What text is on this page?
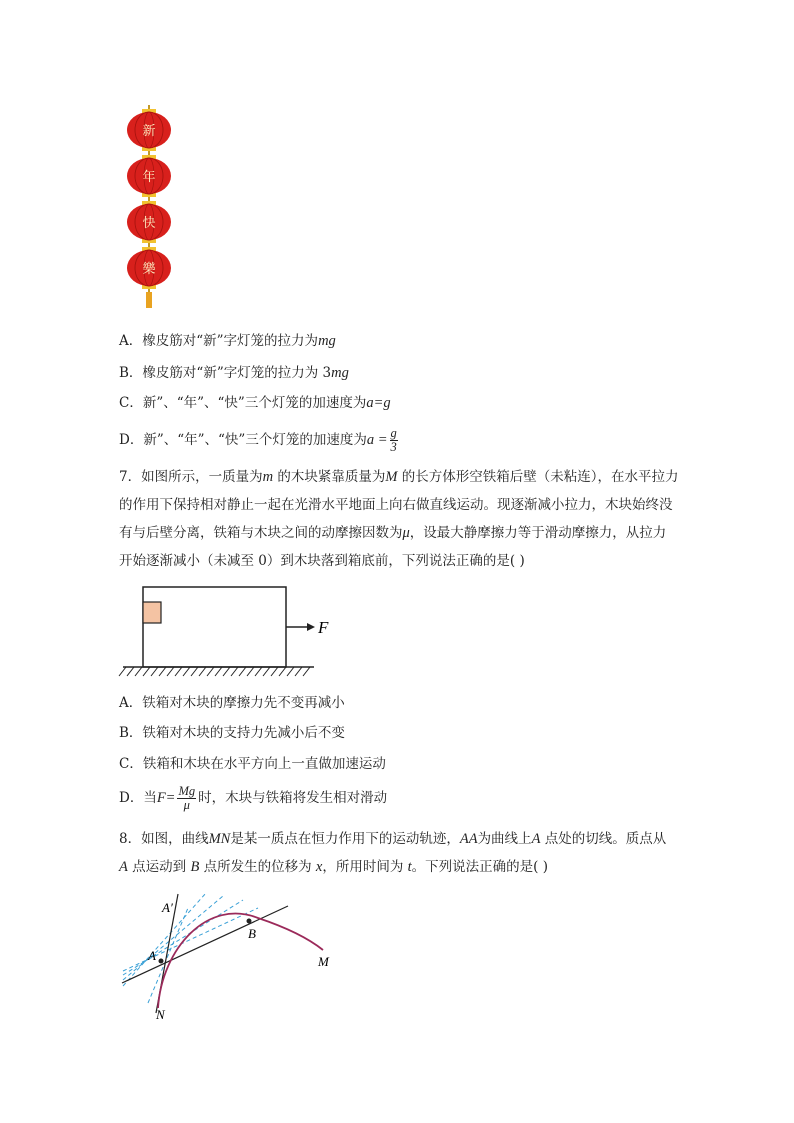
新
年
快
樂
A．橡皮筋对“新”字灯笼的拉力为mg
B．橡皮筋对“新”字灯笼的拉力为 3mg
C．新”、“年”、“快”三个灯笼的加速度为a=g
D．新”、“年”、“快”三个灯笼的加速度为$a = \frac{g}{3}$
7．如图所示，一质量为m 的木块紧靠质量为M 的长方体形空铁箱后壁（未粘连），在水平拉力的作用下保持相对静止一起在光滑水平地面上向右做直线运动。现逐渐减小拉力，木块始终没有与后壁分离，铁箱与木块之间的动摩擦因数为μ，设最大静摩擦力等于滑动摩擦力，从拉力开始逐渐减小（未减至 0）到木块落到箱底前，下列说法正确的是( )
F
A．铁箱对木块的摩擦力先不变再减小
B．铁箱对木块的支持力先减小后不变
C．铁箱和木块在水平方向上一直做加速运动
D．当$F= \frac{Mg}{\mu}$ 时，木块与铁箱将发生相对滑动
8．如图，曲线MN是某一质点在恒力作用下的运动轨迹，AA为曲线上A 点处的切线。质点从 A 点运动到 B 点所发生的位移为 x，所用时间为 t。下列说法正确的是( )
A′
A
B
M
N
